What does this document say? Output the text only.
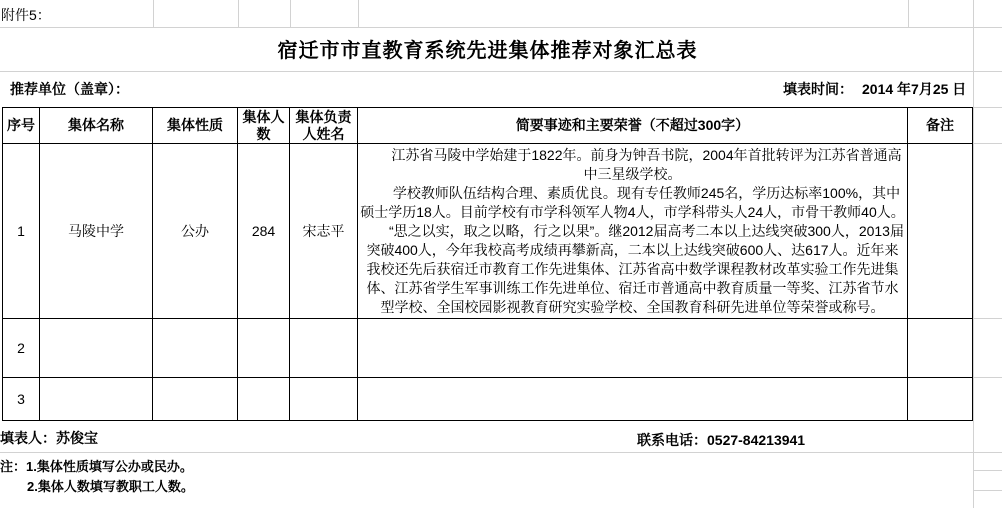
附件5：
宿迁市市直教育系统先进集体推荐对象汇总表
推荐单位（盖章）：	填表时间： 2014 年7月25 日
序号	集体名称	集体性质	集体人数	集体负责人姓名	简要事迹和主要荣誉（不超过300字）	备注
1	马陵中学	公办	284	宋志平	江苏省马陵中学始建于1822年。前身为钟吾书院，2004年首批转评为江苏省普通高中三星级学校。

学校教师队伍结构合理、素质优良。现有专任教师245名，学历达标率100%，其中硕士学历18人。目前学校有市学科领军人物4人，市学科带头人24人，市骨干教师40人。

“思之以实，取之以略，行之以果”。继2012届高考二本以上达线突破300人，2013届突破400人，今年我校高考成绩再攀新高，二本以上达线突破600人、达617人。近年来我校还先后获宿迁市教育工作先进集体、江苏省高中数学课程教材改革实验工作先进集体、江苏省学生军事训练工作先进单位、宿迁市普通高中教育质量一等奖、江苏省节水型学校、全国校园影视教育研究实验学校、全国教育科研先进单位等荣誉或称号。	

2						
3						
填表人：苏俊宝	联系电话：0527-84213941
注：1.集体性质填写公办或民办。
2.集体人数填写教职工人数。
